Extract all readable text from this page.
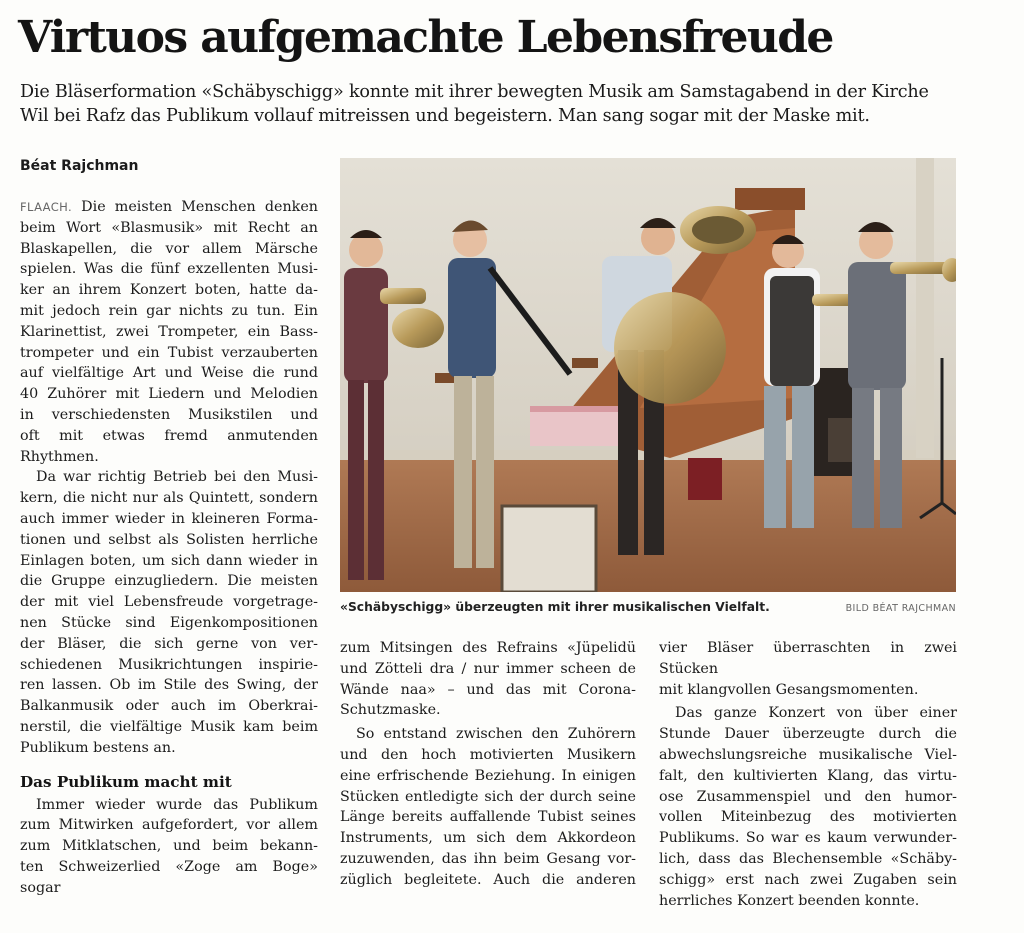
Virtuos aufgemachte Lebensfreude

Die Bläserformation «Schäbyschigg» konnte mit ihrer bewegten Musik am Samstagabend in der Kirche
Wil bei Rafz das Publikum vollauf mitreissen und begeistern. Man sang sogar mit der Maske mit.

Béat Rajchman

FLAACH. Die meisten Menschen denken
beim Wort «Blasmusik» mit Recht an
Blaskapellen, die vor allem Märsche
spielen. Was die fünf exzellenten Musi-
ker an ihrem Konzert boten, hatte da-
mit jedoch rein gar nichts zu tun. Ein
Klarinettist, zwei Trompeter, ein Bass-
trompeter und ein Tubist verzauberten
auf vielfältige Art und Weise die rund
40 Zuhörer mit Liedern und Melodien
in verschiedensten Musikstilen und
oft mit etwas fremd anmutenden
Rhythmen.

Da war richtig Betrieb bei den Musi-
kern, die nicht nur als Quintett, sondern
auch immer wieder in kleineren Forma-
tionen und selbst als Solisten herrliche
Einlagen boten, um sich dann wieder in
die Gruppe einzugliedern. Die meisten
der mit viel Lebensfreude vorgetrage-
nen Stücke sind Eigenkompositionen
der Bläser, die sich gerne von ver-
schiedenen Musikrichtungen inspirie-
ren lassen. Ob im Stile des Swing, der
Balkanmusik oder auch im Oberkrai-
nerstil, die vielfältige Musik kam beim
Publikum bestens an.

Das Publikum macht mit

Immer wieder wurde das Publikum
zum Mitwirken aufgefordert, vor allem
zum Mitklatschen, und beim bekann-
ten Schweizerlied «Zoge am Boge» sogar

«Schäbyschigg» überzeugten mit ihrer musikalischen Vielfalt.	BILD BÉAT RAJCHMAN

zum Mitsingen des Refrains «Jüpelidü
und Zötteli dra / nur immer scheen de
Wände naa» – und das mit Corona-
Schutzmaske.

So entstand zwischen den Zuhörern
und den hoch motivierten Musikern
eine erfrischende Beziehung. In einigen
Stücken entledigte sich der durch seine
Länge bereits auffallende Tubist seines
Instruments, um sich dem Akkordeon
zuzuwenden, das ihn beim Gesang vor-
züglich begleitete. Auch die anderen

vier Bläser überraschten in zwei Stücken
mit klangvollen Gesangsmomenten.

Das ganze Konzert von über einer
Stunde Dauer überzeugte durch die
abwechslungsreiche musikalische Viel-
falt, den kultivierten Klang, das virtu-
ose Zusammenspiel und den humor-
vollen Miteinbezug des motivierten
Publikums. So war es kaum verwunder-
lich, dass das Blechensemble «Schäby-
schigg» erst nach zwei Zugaben sein
herrliches Konzert beenden konnte.
